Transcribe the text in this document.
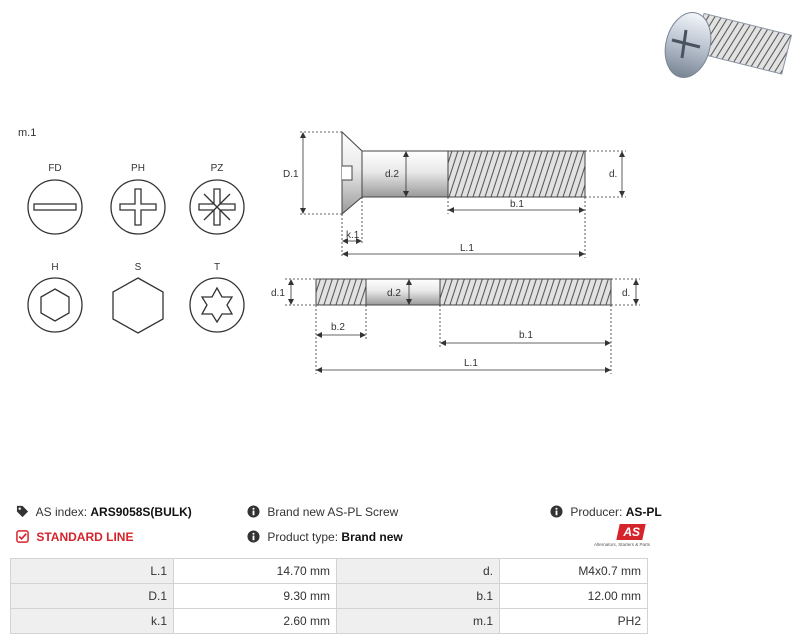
m.1
FD	PH	PZ
H	S	T
D.1	d.2	d.
b.1
k.1
L.1
d.1	d.2	d.
b.2
b.1
L.1
AS index: ARS9058S(BULK)
STANDARD LINE
Brand new AS-PL Screw
Product type: Brand new
Producer: AS-PL
AS
Alternators, Starters & Parts
L.1	14.70 mm	d.	M4x0.7 mm
D.1	9.30 mm	b.1	12.00 mm
k.1	2.60 mm	m.1	PH2
